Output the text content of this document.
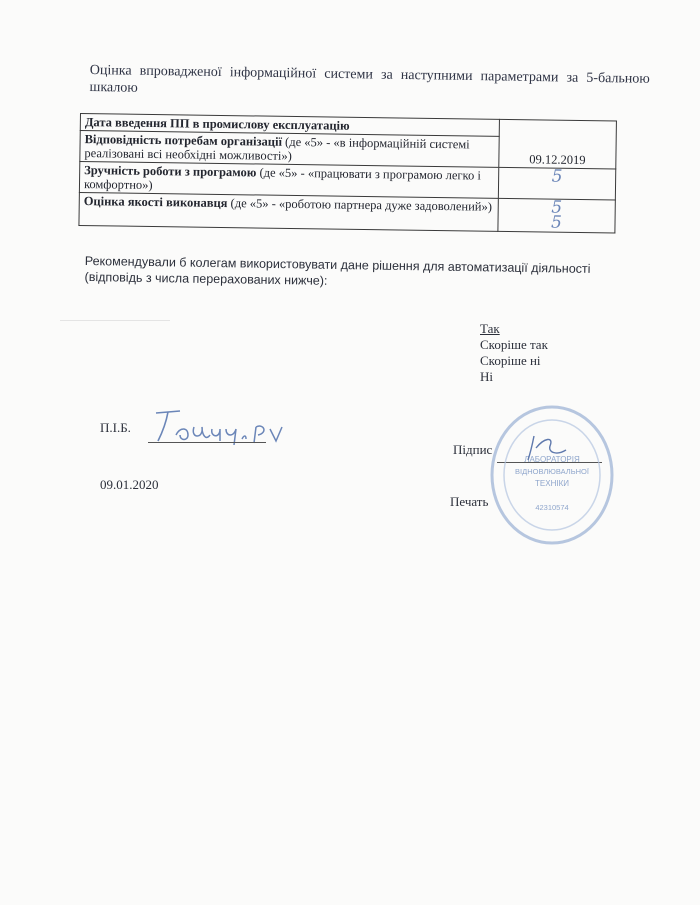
Оцінка впровадженої інформаційної системи за наступними параметрами за 5-бальною шкалою
Дата введення ПП в промислову експлуатацію	09.12.2019
Відповідність потребам організації (де «5» - «в інформаційній системі реалізовані всі необхідні можливості»)	
Зручність роботи з програмою (де «5» - «працювати з програмою легко і комфортно»)	5
Оцінка якості виконавця (де «5» - «роботою партнера дуже задоволений»)	5
5
Рекомендували б колегам використовувати дане рішення для автоматизації діяльності (відповідь з числа перерахованих нижче):
Так
Скоріше так
Скоріше ні
Ні
П.І.Б.
09.01.2020
Підпис
Печать
ЛАБОРАТОРІЯ
ВІДНОВЛЮВАЛЬНОЇ
ТЕХНІКИ
42310574
